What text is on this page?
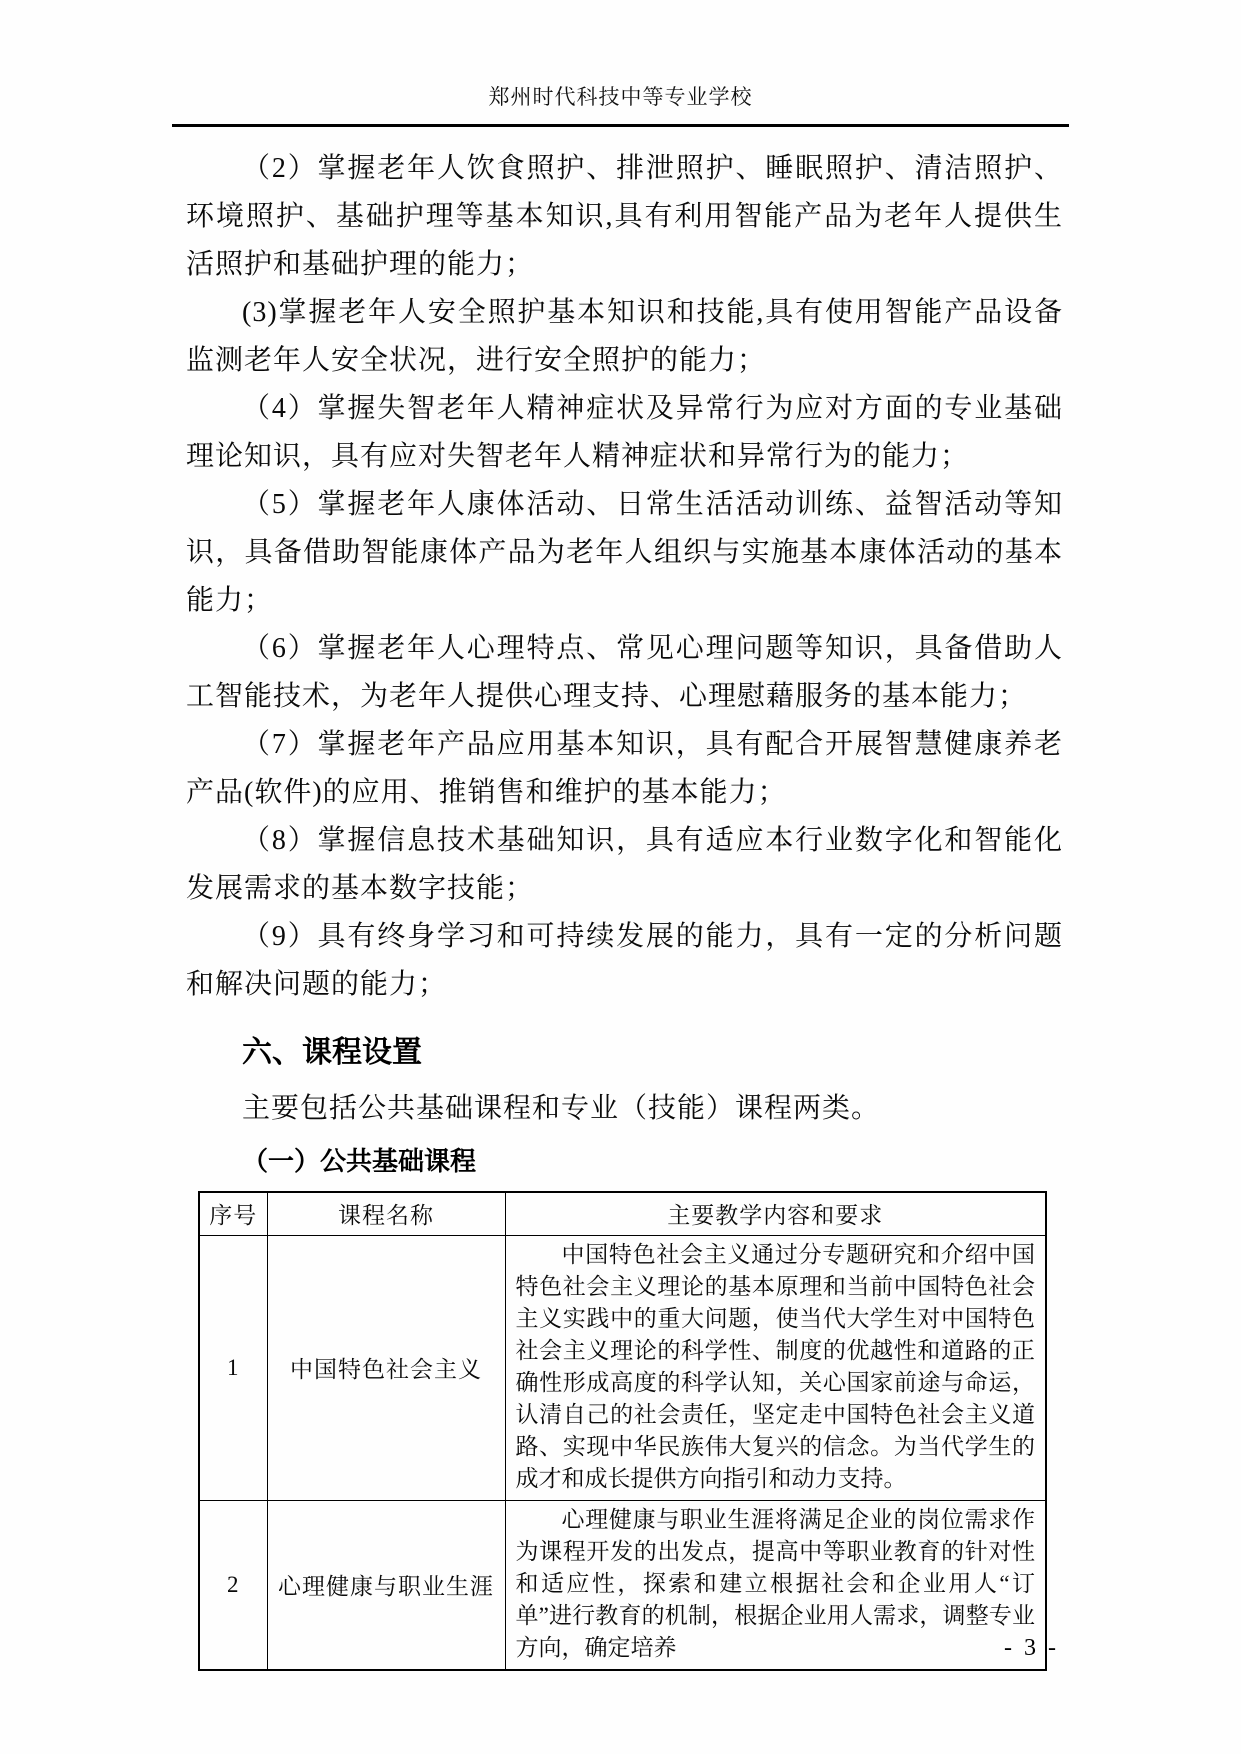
郑州时代科技中等专业学校

（2）掌握老年人饮食照护、排泄照护、睡眠照护、清洁照护、环境照护、基础护理等基本知识,具有利用智能产品为老年人提供生活照护和基础护理的能力；

(3)掌握老年人安全照护基本知识和技能,具有使用智能产品设备监测老年人安全状况，进行安全照护的能力；

（4）掌握失智老年人精神症状及异常行为应对方面的专业基础理论知识，具有应对失智老年人精神症状和异常行为的能力；

（5）掌握老年人康体活动、日常生活活动训练、益智活动等知识，具备借助智能康体产品为老年人组织与实施基本康体活动的基本能力；

（6）掌握老年人心理特点、常见心理问题等知识，具备借助人工智能技术，为老年人提供心理支持、心理慰藉服务的基本能力；

（7）掌握老年产品应用基本知识，具有配合开展智慧健康养老产品(软件)的应用、推销售和维护的基本能力；

（8）掌握信息技术基础知识，具有适应本行业数字化和智能化发展需求的基本数字技能；

（9）具有终身学习和可持续发展的能力，具有一定的分析问题和解决问题的能力；

六、课程设置

主要包括公共基础课程和专业（技能）课程两类。

（一）公共基础课程
序号	课程名称	主要教学内容和要求
1	中国特色社会主义	中国特色社会主义通过分专题研究和介绍中国特色社会主义理论的基本原理和当前中国特色社会主义实践中的重大问题，使当代大学生对中国特色社会主义理论的科学性、制度的优越性和道路的正确性形成高度的科学认知，关心国家前途与命运，认清自己的社会责任，坚定走中国特色社会主义道路、实现中华民族伟大复兴的信念。为当代学生的成才和成长提供方向指引和动力支持。
2	心理健康与职业生涯	心理健康与职业生涯将满足企业的岗位需求作为课程开发的出发点，提高中等职业教育的针对性和适应性，探索和建立根据社会和企业用人“订单”进行教育的机制，根据企业用人需求，调整专业方向，确定培养	- 3 -
